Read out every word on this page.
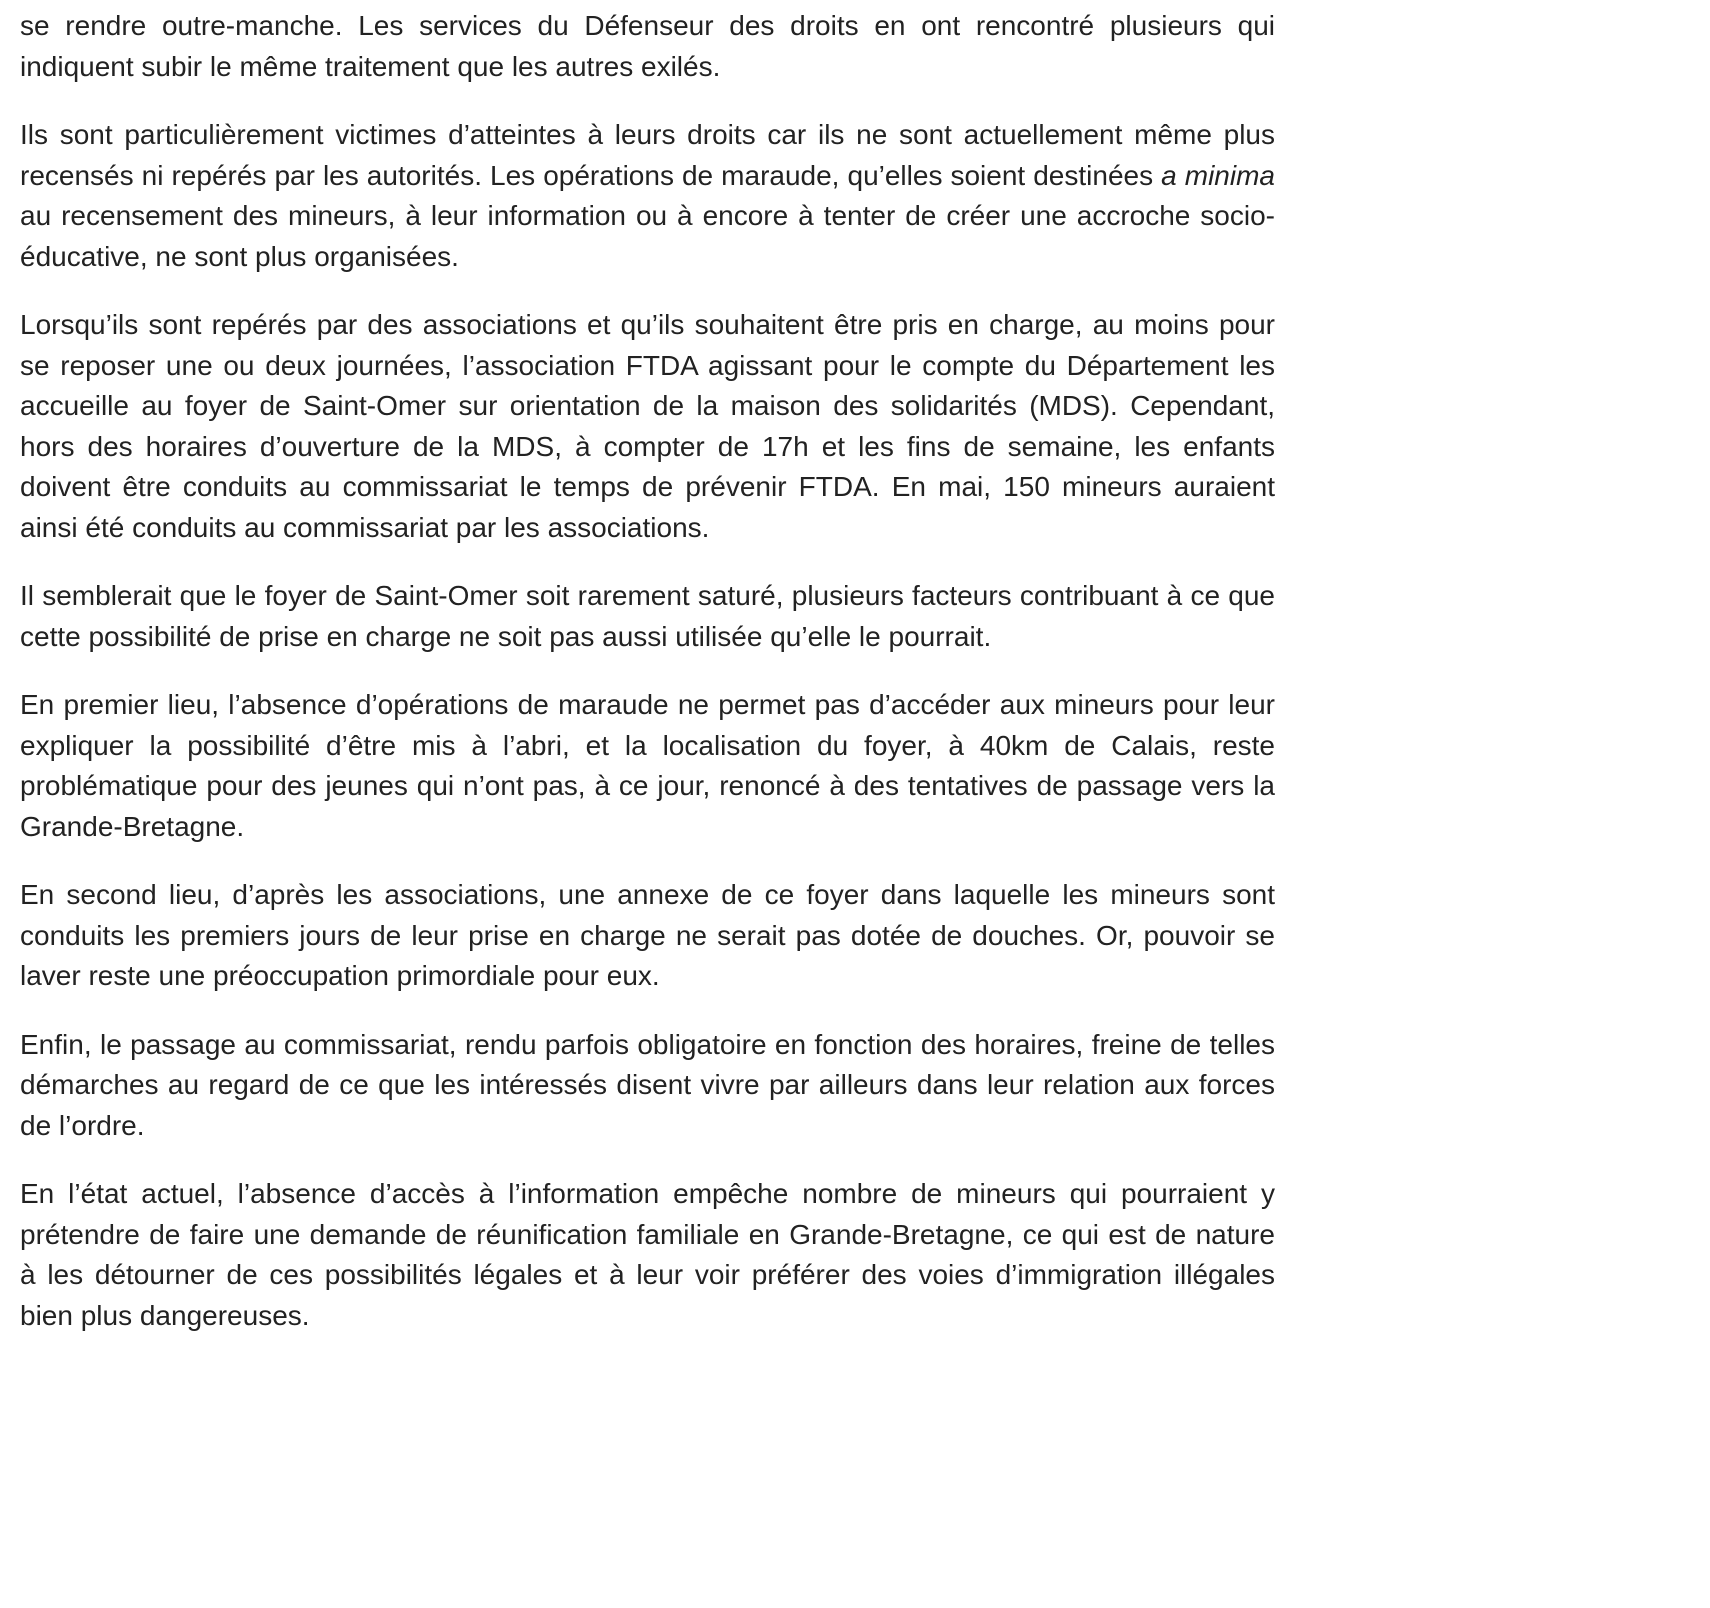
se rendre outre-manche. Les services du Défenseur des droits en ont rencontré plusieurs qui indiquent subir le même traitement que les autres exilés.

Ils sont particulièrement victimes d’atteintes à leurs droits car ils ne sont actuellement même plus recensés ni repérés par les autorités. Les opérations de maraude, qu’elles soient destinées a minima au recensement des mineurs, à leur information ou à encore à tenter de créer une accroche socio-éducative, ne sont plus organisées.

Lorsqu’ils sont repérés par des associations et qu’ils souhaitent être pris en charge, au moins pour se reposer une ou deux journées, l’association FTDA agissant pour le compte du Département les accueille au foyer de Saint-Omer sur orientation de la maison des solidarités (MDS). Cependant, hors des horaires d’ouverture de la MDS, à compter de 17h et les fins de semaine, les enfants doivent être conduits au commissariat le temps de prévenir FTDA. En mai, 150 mineurs auraient ainsi été conduits au commissariat par les associations.

Il semblerait que le foyer de Saint-Omer soit rarement saturé, plusieurs facteurs contribuant à ce que cette possibilité de prise en charge ne soit pas aussi utilisée qu’elle le pourrait.

En premier lieu, l’absence d’opérations de maraude ne permet pas d’accéder aux mineurs pour leur expliquer la possibilité d’être mis à l’abri, et la localisation du foyer, à 40km de Calais, reste problématique pour des jeunes qui n’ont pas, à ce jour, renoncé à des tentatives de passage vers la Grande-Bretagne.

En second lieu, d’après les associations, une annexe de ce foyer dans laquelle les mineurs sont conduits les premiers jours de leur prise en charge ne serait pas dotée de douches. Or, pouvoir se laver reste une préoccupation primordiale pour eux.

Enfin, le passage au commissariat, rendu parfois obligatoire en fonction des horaires, freine de telles démarches au regard de ce que les intéressés disent vivre par ailleurs dans leur relation aux forces de l’ordre.

En l’état actuel, l’absence d’accès à l’information empêche nombre de mineurs qui pourraient y prétendre de faire une demande de réunification familiale en Grande-Bretagne, ce qui est de nature à les détourner de ces possibilités légales et à leur voir préférer des voies d’immigration illégales bien plus dangereuses.
